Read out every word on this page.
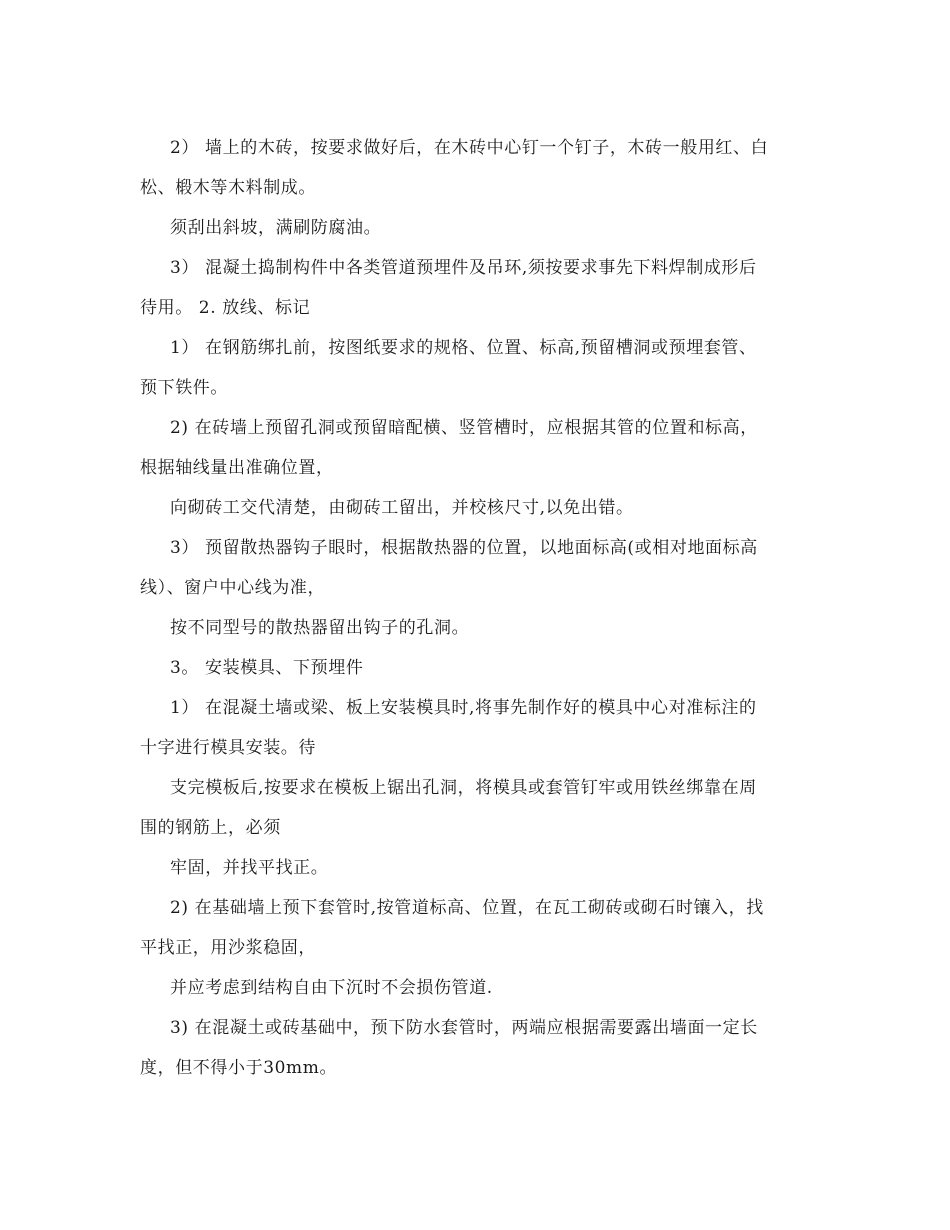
2） 墙上的木砖，按要求做好后，在木砖中心钉一个钉子，木砖一般用红、白
松、椴木等木料制成。

须刮出斜坡，满刷防腐油。

3） 混凝土捣制构件中各类管道预埋件及吊环,须按要求事先下料焊制成形后
待用。 2. 放线、标记

1） 在钢筋绑扎前，按图纸要求的规格、位置、标高,预留槽洞或预埋套管、
预下铁件。

2) 在砖墙上预留孔洞或预留暗配横、竖管槽时，应根据其管的位置和标高，
根据轴线量出准确位置，

向砌砖工交代清楚，由砌砖工留出，并校核尺寸,以免出错。

3） 预留散热器钩子眼时，根据散热器的位置，以地面标高(或相对地面标高
线）、窗户中心线为准，

按不同型号的散热器留出钩子的孔洞。

3。 安装模具、下预埋件

1） 在混凝土墙或梁、板上安装模具时,将事先制作好的模具中心对准标注的
十字进行模具安装。待

支完模板后,按要求在模板上锯出孔洞，将模具或套管钉牢或用铁丝绑靠在周
围的钢筋上，必须

牢固，并找平找正。

2) 在基础墙上预下套管时,按管道标高、位置，在瓦工砌砖或砌石时镶入，找
平找正，用沙浆稳固，

并应考虑到结构自由下沉时不会损伤管道.

3) 在混凝土或砖基础中，预下防水套管时，两端应根据需要露出墙面一定长
度，但不得小于30mm。
